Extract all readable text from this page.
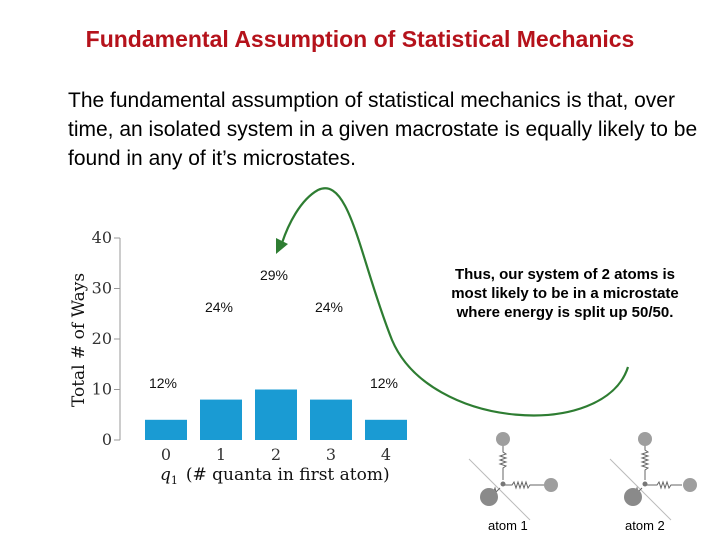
Fundamental Assumption of Statistical Mechanics
The fundamental assumption of statistical mechanics is that, over time, an isolated system in a given macrostate is equally likely to be found in any of it’s microstates.
Thus, our system of 2 atoms is most likely to be in a microstate where energy is split up 50/50.
Total # of Ways
0
10
20
30
40
12%
24%
29%
24%
12%
0	1	2	3	4
$q_1$ (# quanta in first atom)
atom 1	atom 2
